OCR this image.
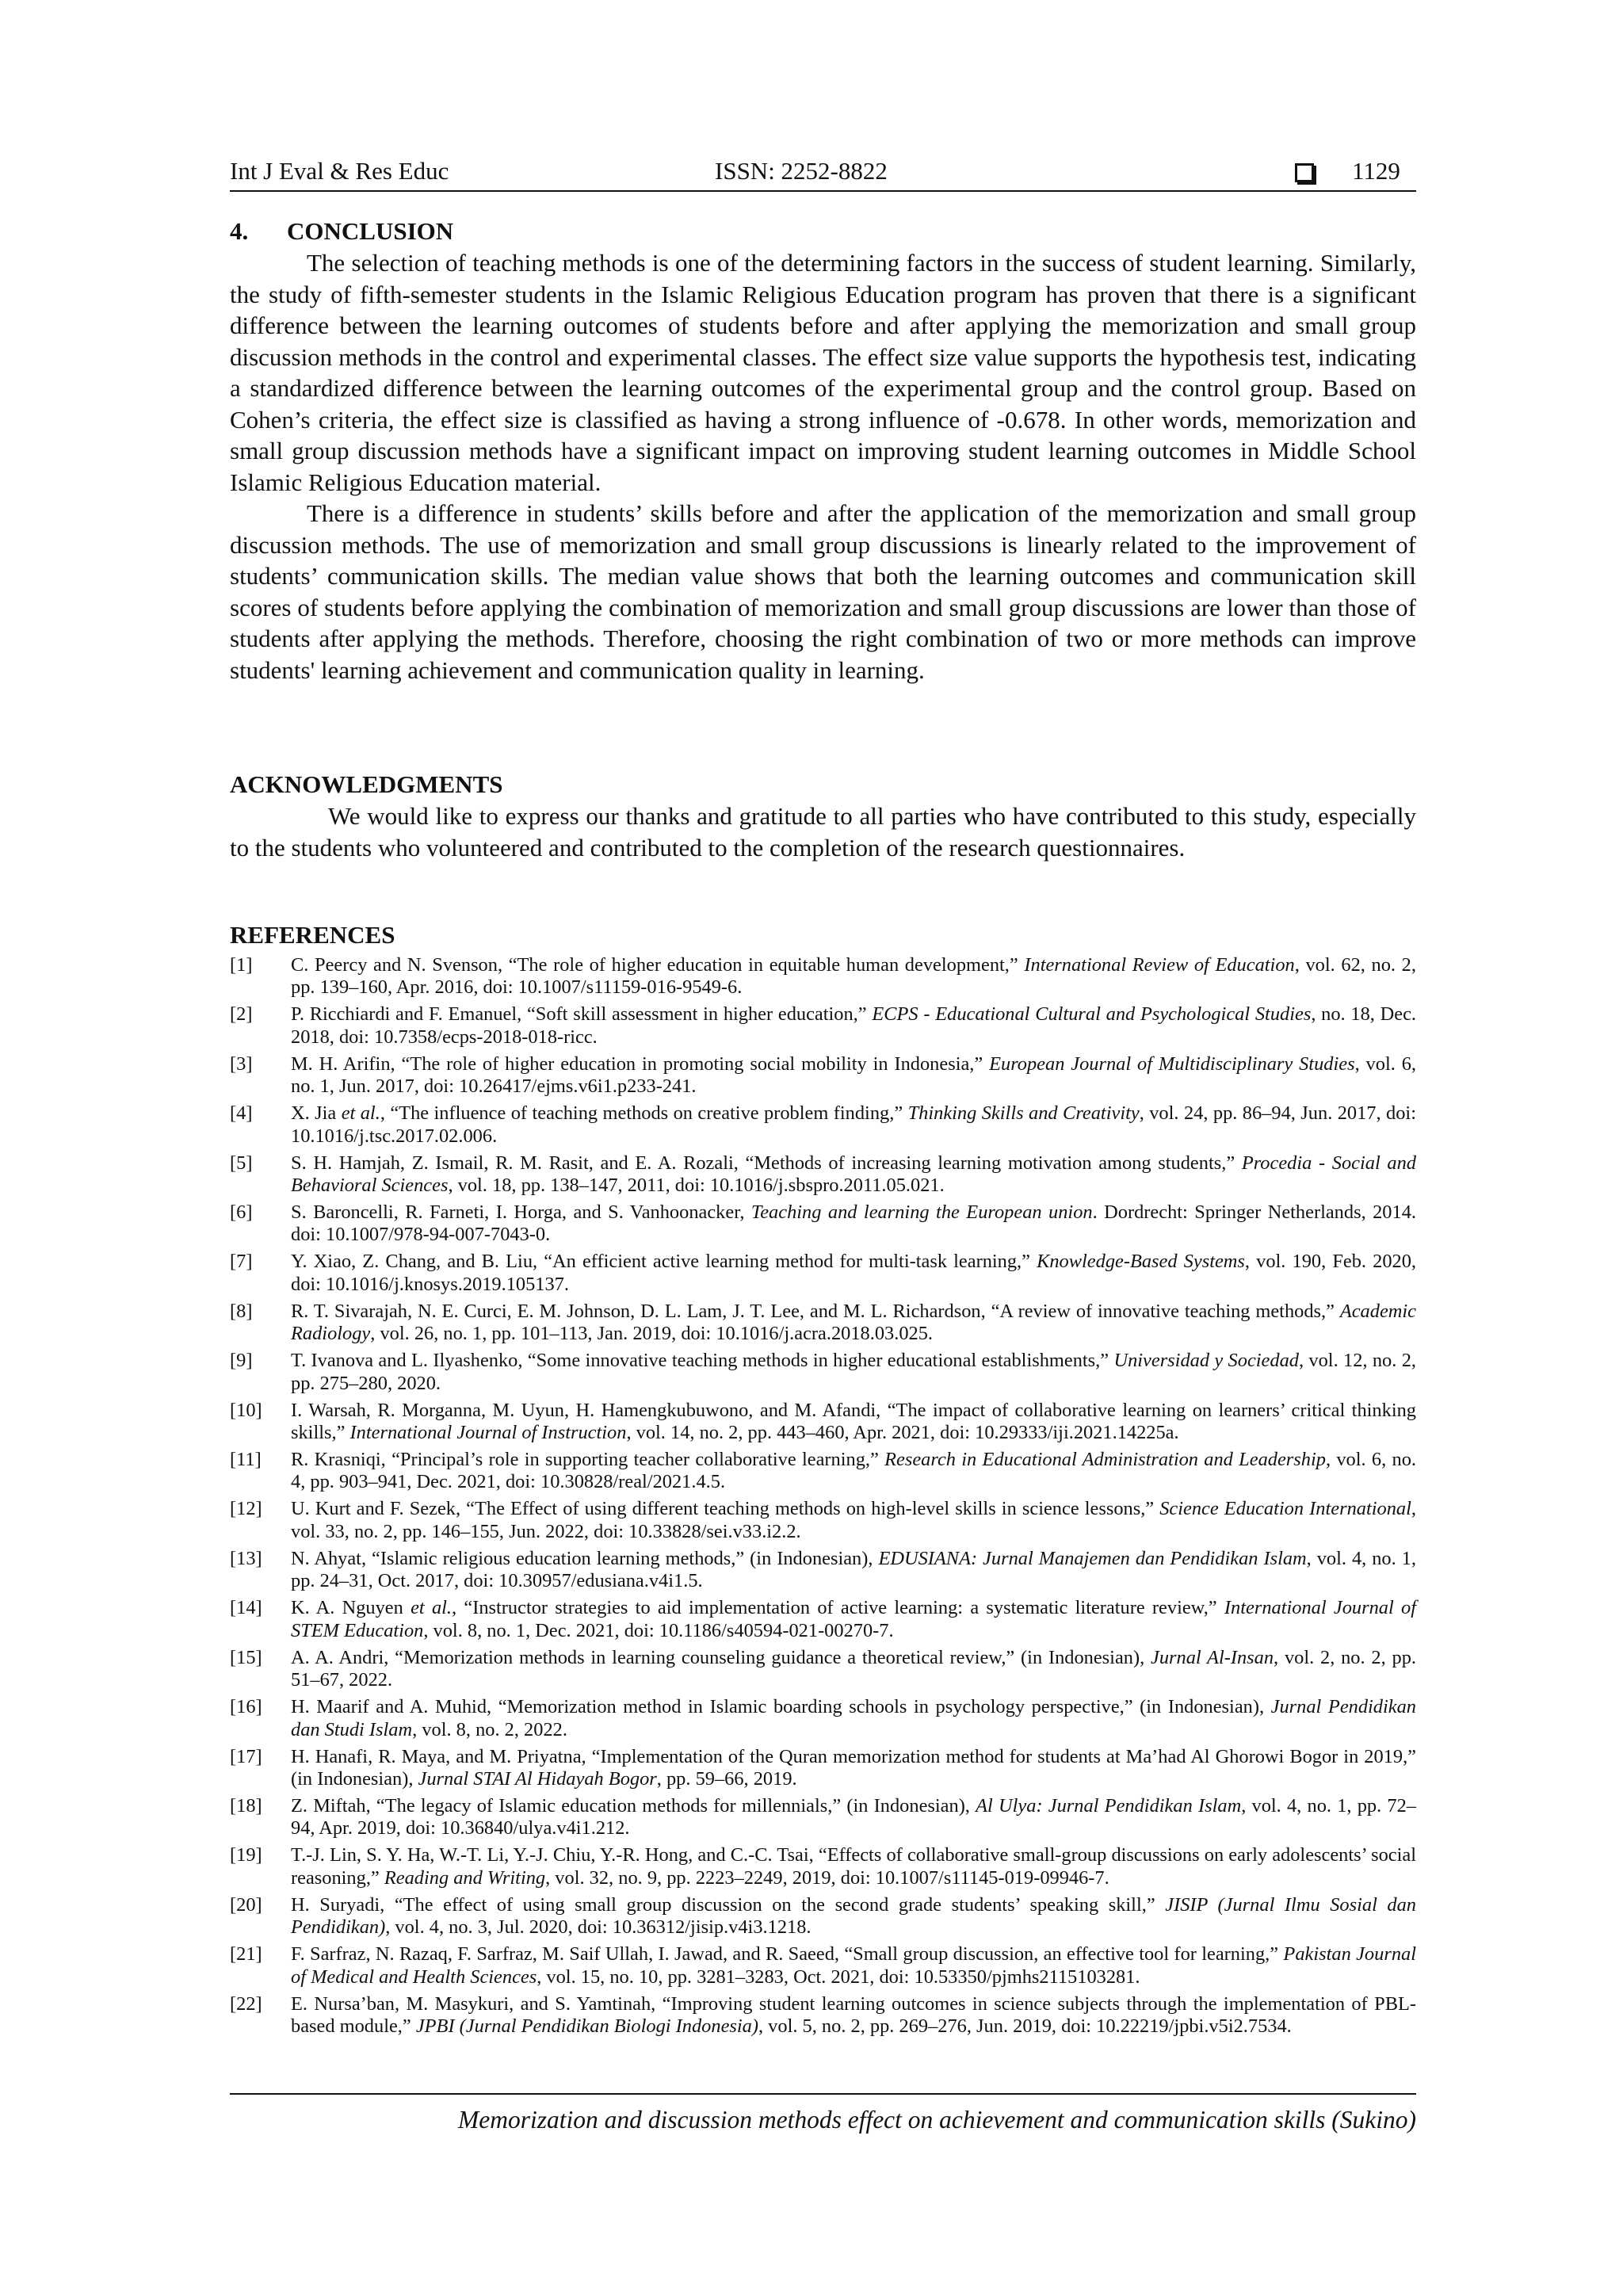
Int J Eval & Res Educ	ISSN: 2252-8822	1129
4. CONCLUSION

The selection of teaching methods is one of the determining factors in the success of student learning. Similarly, the study of fifth-semester students in the Islamic Religious Education program has proven that there is a significant difference between the learning outcomes of students before and after applying the memorization and small group discussion methods in the control and experimental classes. The effect size value supports the hypothesis test, indicating a standardized difference between the learning outcomes of the experimental group and the control group. Based on Cohen’s criteria, the effect size is classified as having a strong influence of -0.678. In other words, memorization and small group discussion methods have a significant impact on improving student learning outcomes in Middle School Islamic Religious Education material.

There is a difference in students’ skills before and after the application of the memorization and small group discussion methods. The use of memorization and small group discussions is linearly related to the improvement of students’ communication skills. The median value shows that both the learning outcomes and communication skill scores of students before applying the combination of memorization and small group discussions are lower than those of students after applying the methods. Therefore, choosing the right combination of two or more methods can improve students' learning achievement and communication quality in learning.

ACKNOWLEDGMENTS

We would like to express our thanks and gratitude to all parties who have contributed to this study, especially to the students who volunteered and contributed to the completion of the research questionnaires.

REFERENCES
[1]	C. Peercy and N. Svenson, “The role of higher education in equitable human development,” International Review of Education, vol. 62, no. 2, pp. 139–160, Apr. 2016, doi: 10.1007/s11159-016-9549-6.
[2]	P. Ricchiardi and F. Emanuel, “Soft skill assessment in higher education,” ECPS - Educational Cultural and Psychological Studies, no. 18, Dec. 2018, doi: 10.7358/ecps-2018-018-ricc.
[3]	M. H. Arifin, “The role of higher education in promoting social mobility in Indonesia,” European Journal of Multidisciplinary Studies, vol. 6, no. 1, Jun. 2017, doi: 10.26417/ejms.v6i1.p233-241.
[4]	X. Jia et al., “The influence of teaching methods on creative problem finding,” Thinking Skills and Creativity, vol. 24, pp. 86–94, Jun. 2017, doi: 10.1016/j.tsc.2017.02.006.
[5]	S. H. Hamjah, Z. Ismail, R. M. Rasit, and E. A. Rozali, “Methods of increasing learning motivation among students,” Procedia - Social and Behavioral Sciences, vol. 18, pp. 138–147, 2011, doi: 10.1016/j.sbspro.2011.05.021.
[6]	S. Baroncelli, R. Farneti, I. Horga, and S. Vanhoonacker, Teaching and learning the European union. Dordrecht: Springer Netherlands, 2014. doi: 10.1007/978-94-007-7043-0.
[7]	Y. Xiao, Z. Chang, and B. Liu, “An efficient active learning method for multi-task learning,” Knowledge-Based Systems, vol. 190, Feb. 2020, doi: 10.1016/j.knosys.2019.105137.
[8]	R. T. Sivarajah, N. E. Curci, E. M. Johnson, D. L. Lam, J. T. Lee, and M. L. Richardson, “A review of innovative teaching methods,” Academic Radiology, vol. 26, no. 1, pp. 101–113, Jan. 2019, doi: 10.1016/j.acra.2018.03.025.
[9]	T. Ivanova and L. Ilyashenko, “Some innovative teaching methods in higher educational establishments,” Universidad y Sociedad, vol. 12, no. 2, pp. 275–280, 2020.
[10]	I. Warsah, R. Morganna, M. Uyun, H. Hamengkubuwono, and M. Afandi, “The impact of collaborative learning on learners’ critical thinking skills,” International Journal of Instruction, vol. 14, no. 2, pp. 443–460, Apr. 2021, doi: 10.29333/iji.2021.14225a.
[11]	R. Krasniqi, “Principal’s role in supporting teacher collaborative learning,” Research in Educational Administration and Leadership, vol. 6, no. 4, pp. 903–941, Dec. 2021, doi: 10.30828/real/2021.4.5.
[12]	U. Kurt and F. Sezek, “The Effect of using different teaching methods on high-level skills in science lessons,” Science Education International, vol. 33, no. 2, pp. 146–155, Jun. 2022, doi: 10.33828/sei.v33.i2.2.
[13]	N. Ahyat, “Islamic religious education learning methods,” (in Indonesian), EDUSIANA: Jurnal Manajemen dan Pendidikan Islam, vol. 4, no. 1, pp. 24–31, Oct. 2017, doi: 10.30957/edusiana.v4i1.5.
[14]	K. A. Nguyen et al., “Instructor strategies to aid implementation of active learning: a systematic literature review,” International Journal of STEM Education, vol. 8, no. 1, Dec. 2021, doi: 10.1186/s40594-021-00270-7.
[15]	A. A. Andri, “Memorization methods in learning counseling guidance a theoretical review,” (in Indonesian), Jurnal Al-Insan, vol. 2, no. 2, pp. 51–67, 2022.
[16]	H. Maarif and A. Muhid, “Memorization method in Islamic boarding schools in psychology perspective,” (in Indonesian), Jurnal Pendidikan dan Studi Islam, vol. 8, no. 2, 2022.
[17]	H. Hanafi, R. Maya, and M. Priyatna, “Implementation of the Quran memorization method for students at Ma’had Al Ghorowi Bogor in 2019,” (in Indonesian), Jurnal STAI Al Hidayah Bogor, pp. 59–66, 2019.
[18]	Z. Miftah, “The legacy of Islamic education methods for millennials,” (in Indonesian), Al Ulya: Jurnal Pendidikan Islam, vol. 4, no. 1, pp. 72–94, Apr. 2019, doi: 10.36840/ulya.v4i1.212.
[19]	T.-J. Lin, S. Y. Ha, W.-T. Li, Y.-J. Chiu, Y.-R. Hong, and C.-C. Tsai, “Effects of collaborative small-group discussions on early adolescents’ social reasoning,” Reading and Writing, vol. 32, no. 9, pp. 2223–2249, 2019, doi: 10.1007/s11145-019-09946-7.
[20]	H. Suryadi, “The effect of using small group discussion on the second grade students’ speaking skill,” JISIP (Jurnal Ilmu Sosial dan Pendidikan), vol. 4, no. 3, Jul. 2020, doi: 10.36312/jisip.v4i3.1218.
[21]	F. Sarfraz, N. Razaq, F. Sarfraz, M. Saif Ullah, I. Jawad, and R. Saeed, “Small group discussion, an effective tool for learning,” Pakistan Journal of Medical and Health Sciences, vol. 15, no. 10, pp. 3281–3283, Oct. 2021, doi: 10.53350/pjmhs2115103281.
[22]	E. Nursa’ban, M. Masykuri, and S. Yamtinah, “Improving student learning outcomes in science subjects through the implementation of PBL-based module,” JPBI (Jurnal Pendidikan Biologi Indonesia), vol. 5, no. 2, pp. 269–276, Jun. 2019, doi: 10.22219/jpbi.v5i2.7534.
Memorization and discussion methods effect on achievement and communication skills (Sukino)
